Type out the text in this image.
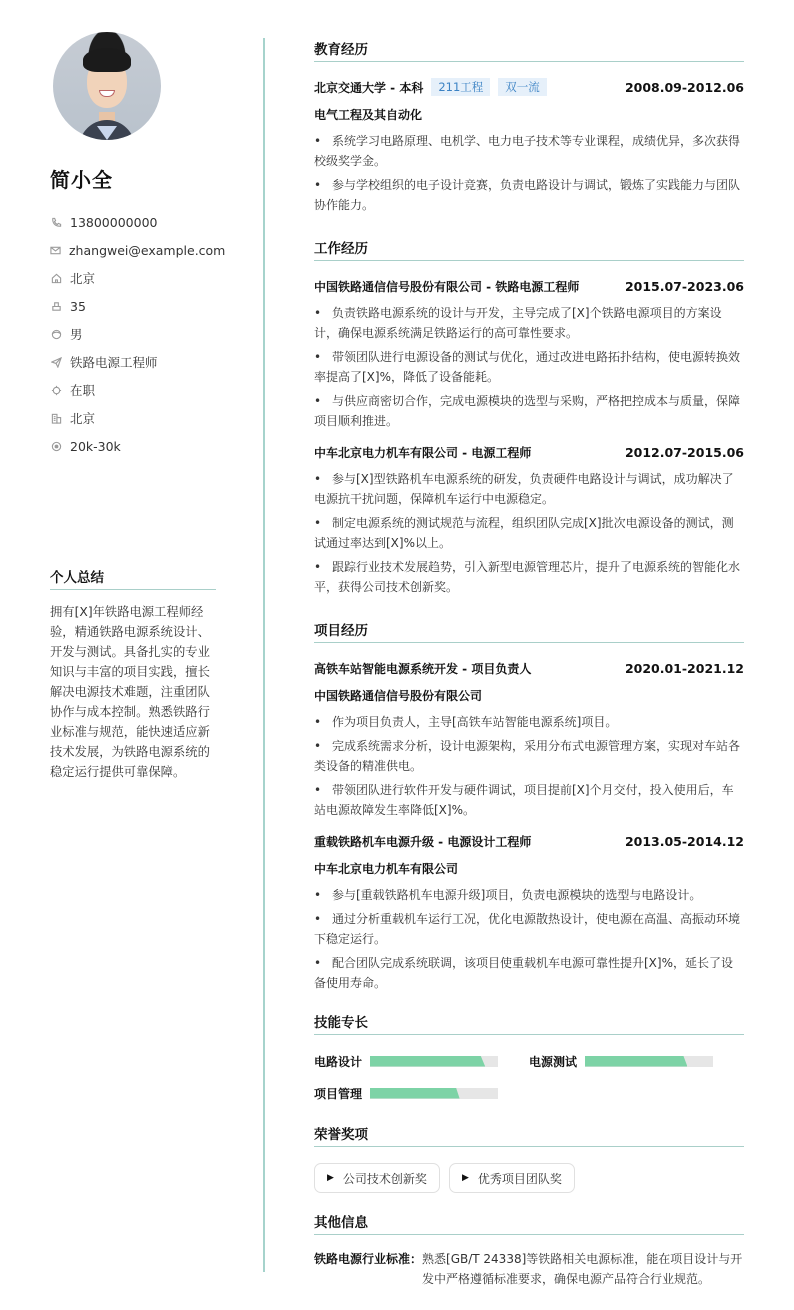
简小全
13800000000
zhangwei@example.com
北京
35
男
铁路电源工程师
在职
北京
20k-30k
个人总结
拥有[X]年铁路电源工程师经验，精通铁路电源系统设计、开发与测试。具备扎实的专业知识与丰富的项目实践，擅长解决电源技术难题，注重团队协作与成本控制。熟悉铁路行业标准与规范，能快速适应新技术发展，为铁路电源系统的稳定运行提供可靠保障。
教育经历
北京交通大学 - 本科	211工程	双一流	2008.09-2012.06
电气工程及其自动化
• 系统学习电路原理、电机学、电力电子技术等专业课程，成绩优异，多次获得校级奖学金。
• 参与学校组织的电子设计竞赛，负责电路设计与调试，锻炼了实践能力与团队协作能力。
工作经历
中国铁路通信信号股份有限公司 - 铁路电源工程师	2015.07-2023.06
• 负责铁路电源系统的设计与开发，主导完成了[X]个铁路电源项目的方案设计，确保电源系统满足铁路运行的高可靠性要求。
• 带领团队进行电源设备的测试与优化，通过改进电路拓扑结构，使电源转换效率提高了[X]%，降低了设备能耗。
• 与供应商密切合作，完成电源模块的选型与采购，严格把控成本与质量，保障项目顺利推进。
中车北京电力机车有限公司 - 电源工程师	2012.07-2015.06
• 参与[X]型铁路机车电源系统的研发，负责硬件电路设计与调试，成功解决了电源抗干扰问题，保障机车运行中电源稳定。
• 制定电源系统的测试规范与流程，组织团队完成[X]批次电源设备的测试，测试通过率达到[X]%以上。
• 跟踪行业技术发展趋势，引入新型电源管理芯片，提升了电源系统的智能化水平，获得公司技术创新奖。
项目经历
高铁车站智能电源系统开发 - 项目负责人	2020.01-2021.12
中国铁路通信信号股份有限公司
• 作为项目负责人，主导[高铁车站智能电源系统]项目。
• 完成系统需求分析，设计电源架构，采用分布式电源管理方案，实现对车站各类设备的精准供电。
• 带领团队进行软件开发与硬件调试，项目提前[X]个月交付，投入使用后，车站电源故障发生率降低[X]%。
重载铁路机车电源升级 - 电源设计工程师	2013.05-2014.12
中车北京电力机车有限公司
• 参与[重载铁路机车电源升级]项目，负责电源模块的选型与电路设计。
• 通过分析重载机车运行工况，优化电源散热设计，使电源在高温、高振动环境下稳定运行。
• 配合团队完成系统联调，该项目使重载机车电源可靠性提升[X]%，延长了设备使用寿命。
技能专长
电路设计	电源测试
项目管理
荣誉奖项
▶ 公司技术创新奖	▶ 优秀项目团队奖
其他信息
铁路电源行业标准： 熟悉[GB/T 24338]等铁路相关电源标准，能在项目设计与开发中严格遵循标准要求，确保电源产品符合行业规范。
